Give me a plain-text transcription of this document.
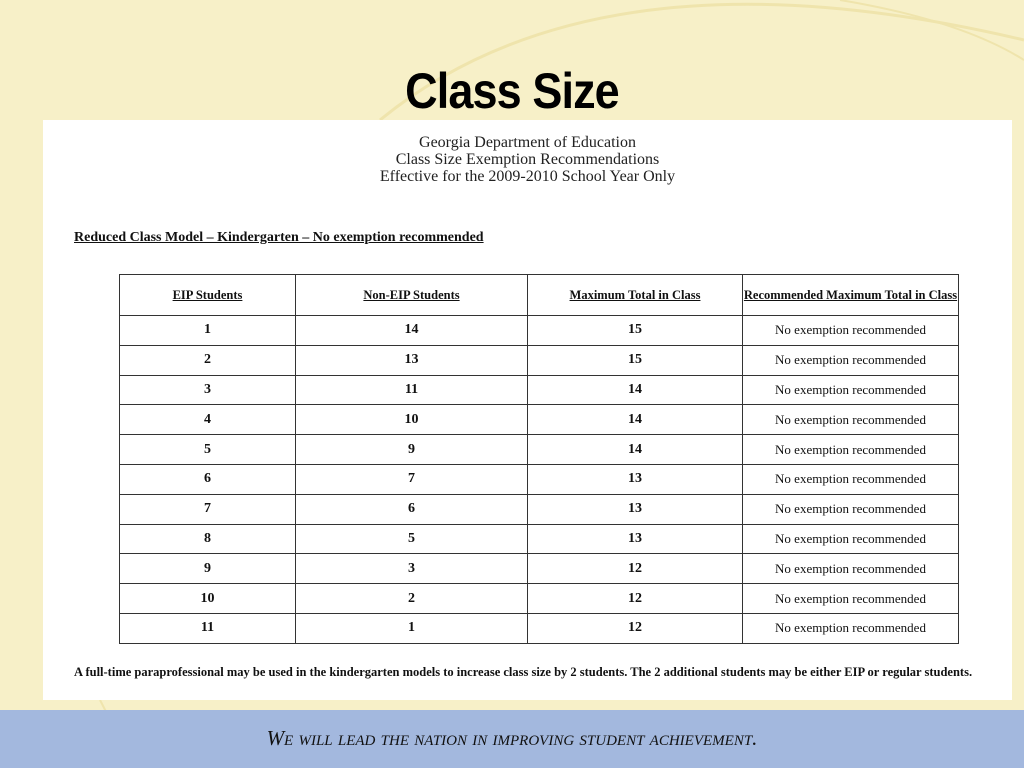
Class Size
Georgia Department of Education
Class Size Exemption Recommendations
Effective for the 2009-2010 School Year Only
Reduced Class Model – Kindergarten – No exemption recommended
EIP Students	Non-EIP Students	Maximum Total in Class	Recommended Maximum Total in Class
1	14	15	No exemption recommended
2	13	15	No exemption recommended
3	11	14	No exemption recommended
4	10	14	No exemption recommended
5	9	14	No exemption recommended
6	7	13	No exemption recommended
7	6	13	No exemption recommended
8	5	13	No exemption recommended
9	3	12	No exemption recommended
10	2	12	No exemption recommended
11	1	12	No exemption recommended
A full-time paraprofessional may be used in the kindergarten models to increase class size by 2 students. The 2 additional students may be either EIP or regular students.
We will lead the nation in improving student achievement.
